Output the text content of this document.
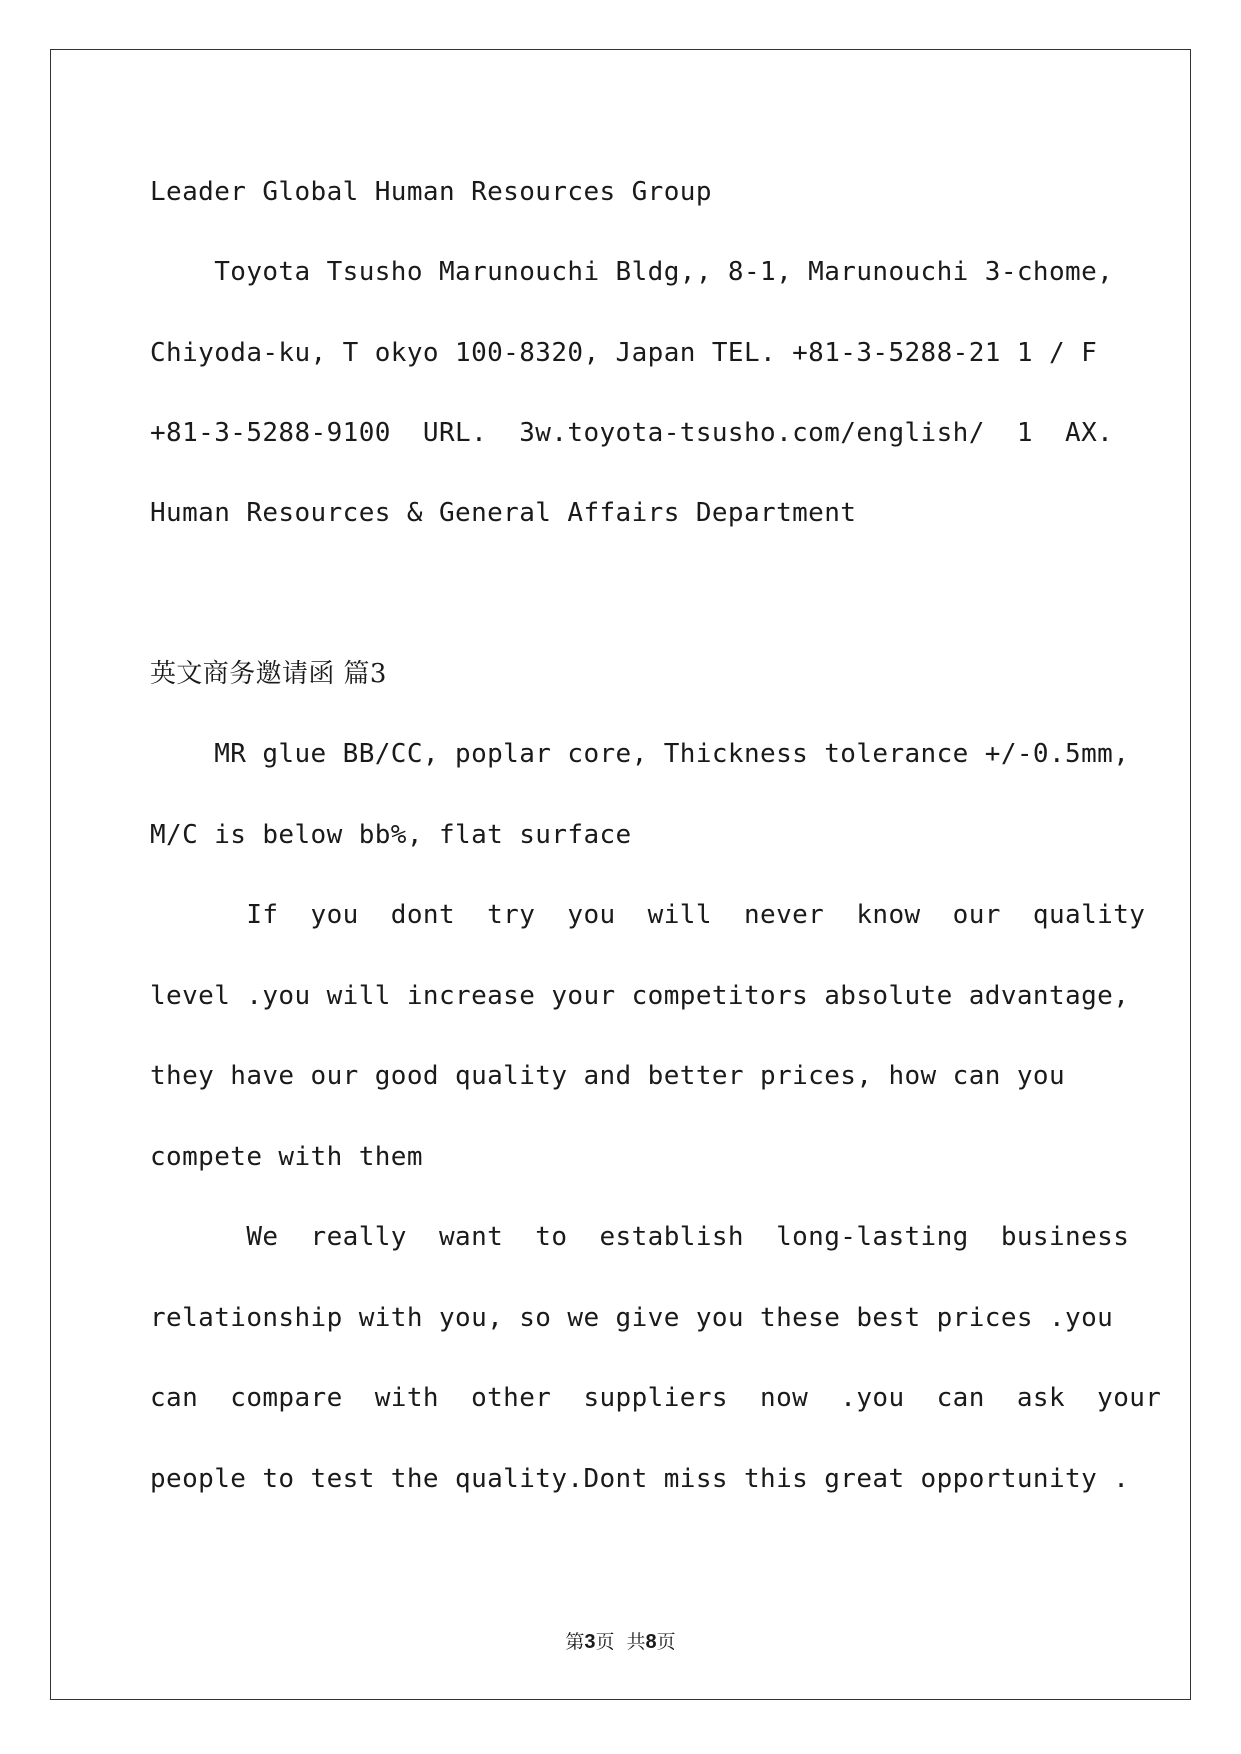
Leader Global Human Resources Group
Toyota Tsusho Marunouchi Bldg,, 8-1, Marunouchi 3-chome,
Chiyoda-ku, T okyo 100-8320, Japan TEL. +81-3-5288-21 1 / F
+81-3-5288-9100  URL.  3w.toyota-tsusho.com/english/  1  AX.
Human Resources & General Affairs Department
英文商务邀请函 篇3
MR glue BB/CC, poplar core, Thickness tolerance +/-0.5mm,
M/C is below bb%, flat surface
If  you  dont  try  you  will  never  know  our  quality
level .you will increase your competitors absolute advantage,
they have our good quality and better prices, how can you
compete with them
We  really  want  to  establish  long-lasting  business
relationship with you, so we give you these best prices .you
can  compare  with  other  suppliers  now  .you  can  ask  your
people to test the quality.Dont miss this great opportunity .
第3页  共8页
